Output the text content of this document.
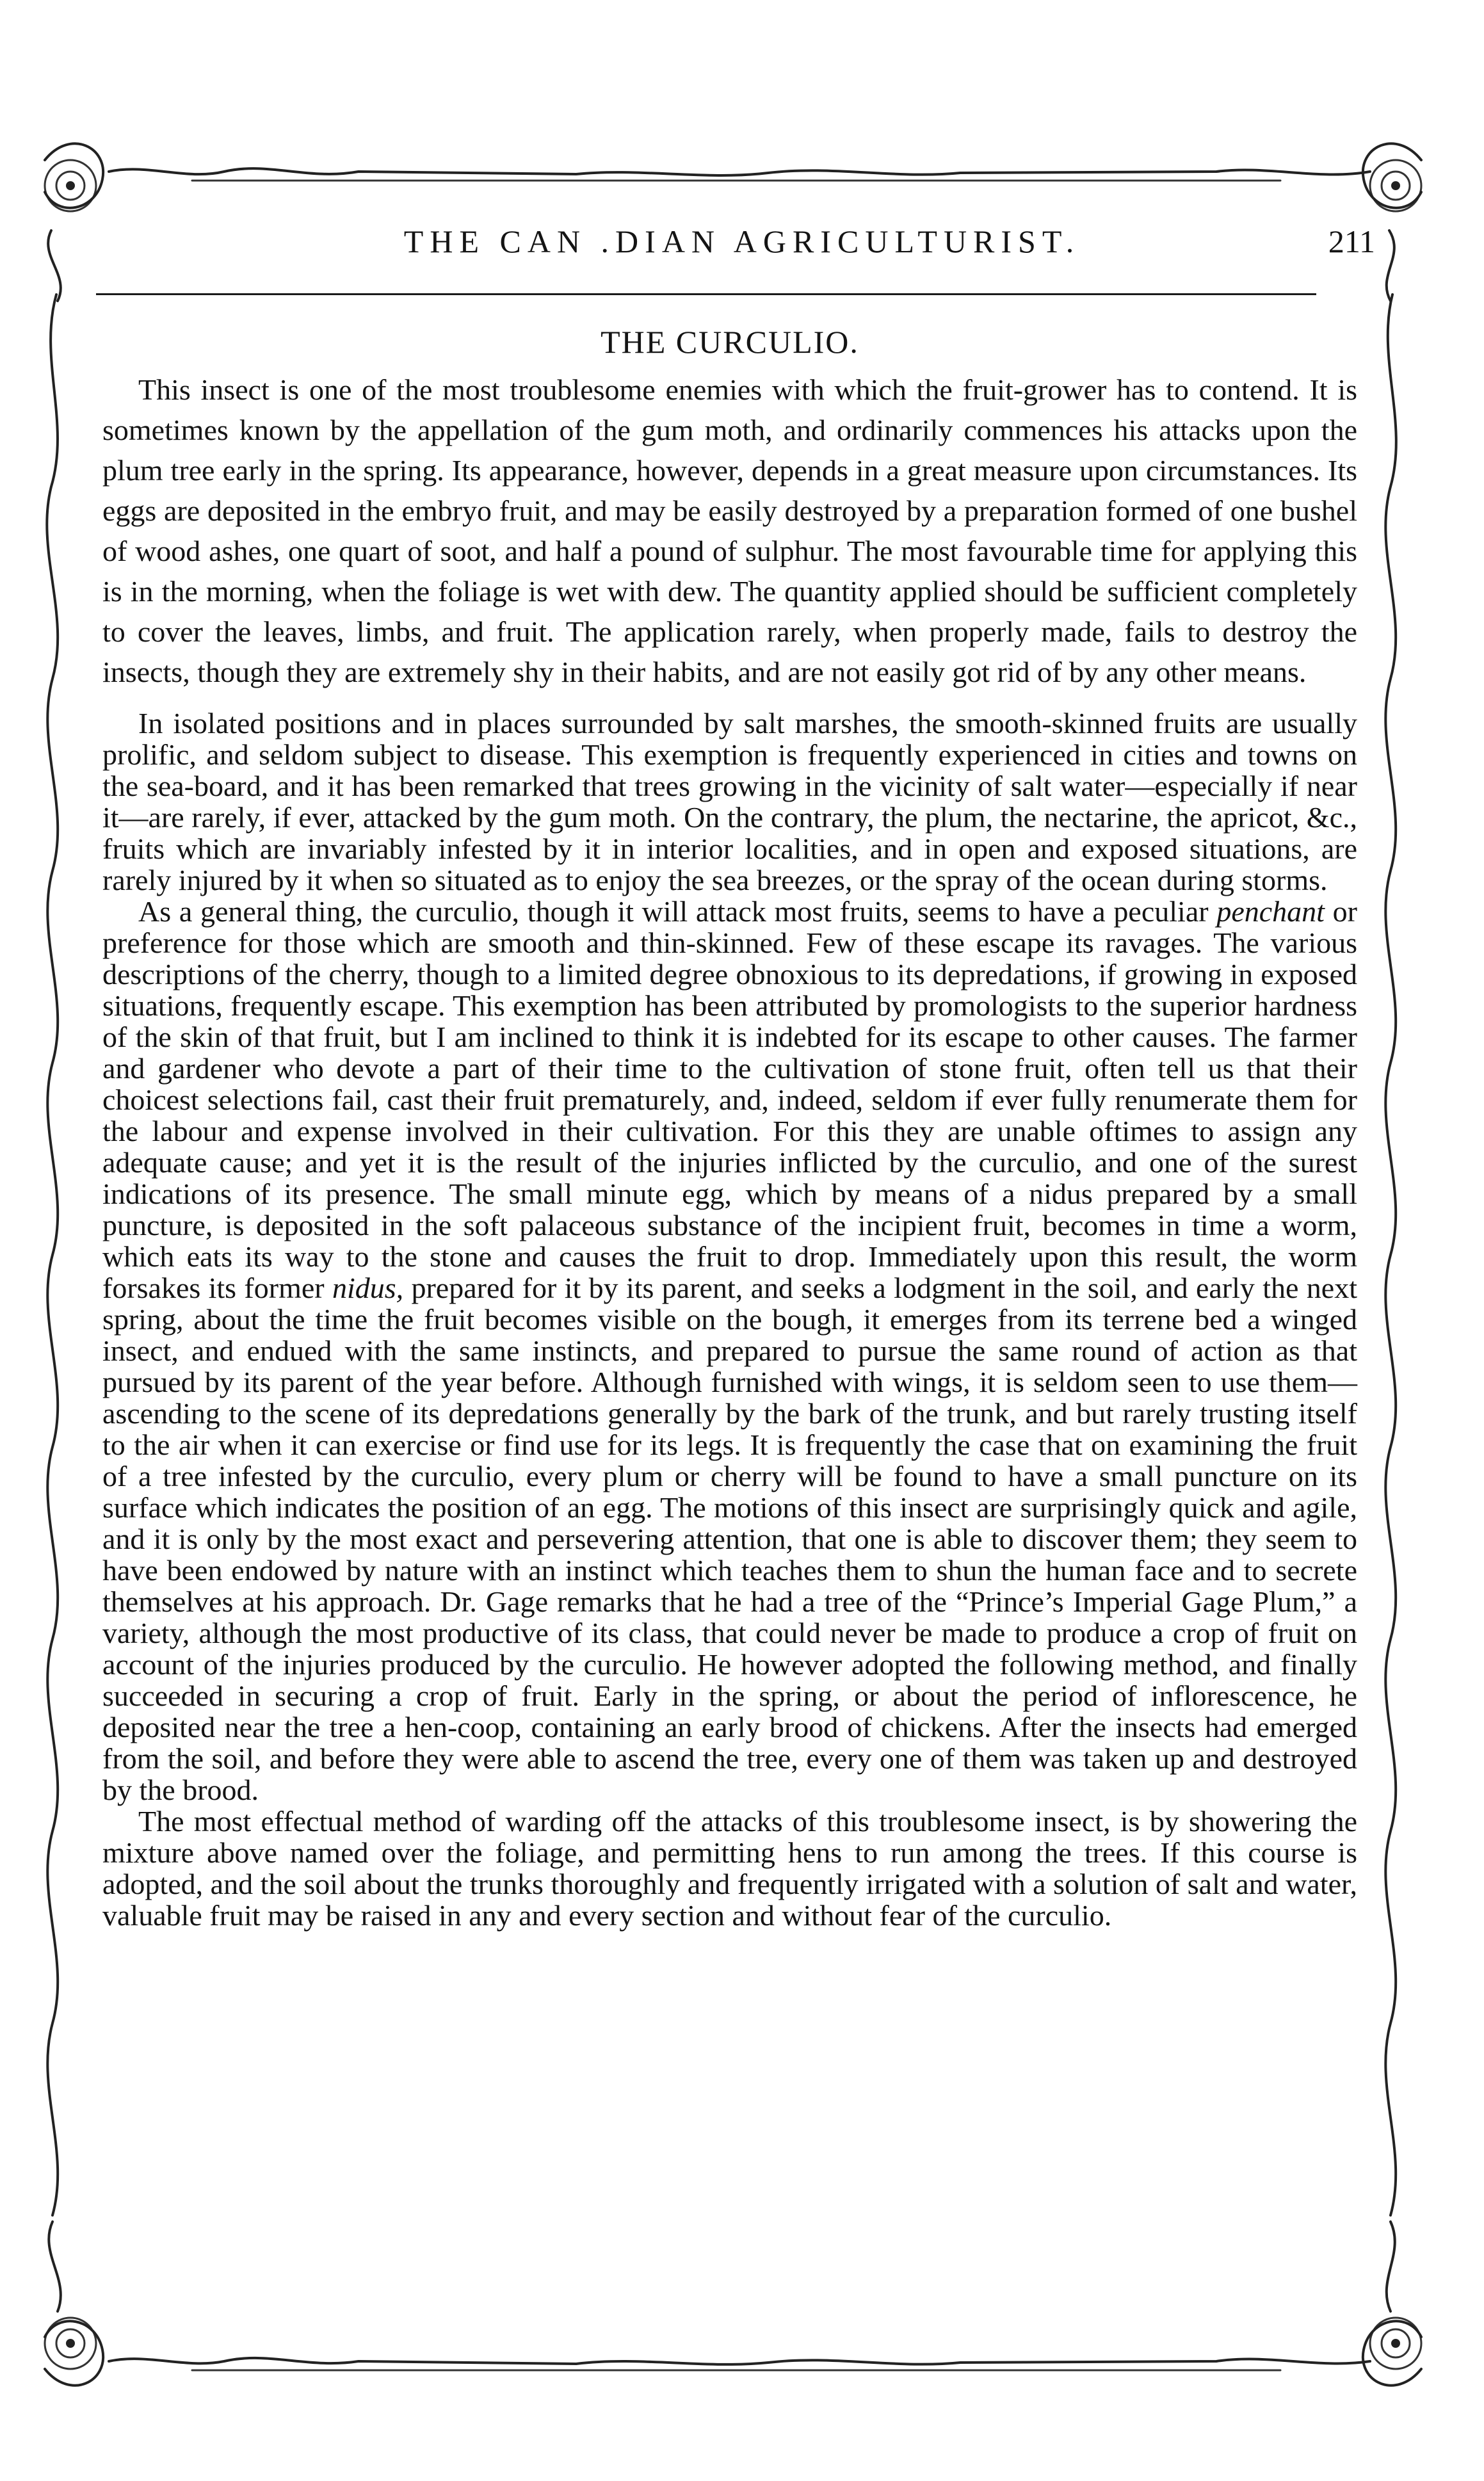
THE CAN .DIAN AGRICULTURIST.	211
THE CURCULIO.

This insect is one of the most troublesome enemies with which the fruit-grower has to contend. It is sometimes known by the appellation of the gum moth, and ordinarily commences his attacks upon the plum tree early in the spring. Its appearance, however, depends in a great measure upon circumstances. Its eggs are deposited in the embryo fruit, and may be easily destroyed by a preparation formed of one bushel of wood ashes, one quart of soot, and half a pound of sulphur. The most favourable time for applying this is in the morning, when the foliage is wet with dew. The quantity applied should be sufficient completely to cover the leaves, limbs, and fruit. The application rarely, when properly made, fails to destroy the insects, though they are extremely shy in their habits, and are not easily got rid of by any other means.

In isolated positions and in places surrounded by salt marshes, the smooth-skinned fruits are usually prolific, and seldom subject to disease. This exemption is frequently experienced in cities and towns on the sea-board, and it has been remarked that trees growing in the vicinity of salt water—especially if near it—are rarely, if ever, attacked by the gum moth. On the contrary, the plum, the nectarine, the apricot, &c., fruits which are invariably infested by it in interior localities, and in open and exposed situations, are rarely injured by it when so situated as to enjoy the sea breezes, or the spray of the ocean during storms.

As a general thing, the curculio, though it will attack most fruits, seems to have a peculiar penchant or preference for those which are smooth and thin-skinned. Few of these escape its ravages. The various descriptions of the cherry, though to a limited degree obnoxious to its depredations, if growing in exposed situations, frequently escape. This exemption has been attributed by promologists to the superior hardness of the skin of that fruit, but I am inclined to think it is indebted for its escape to other causes. The farmer and gardener who devote a part of their time to the cultivation of stone fruit, often tell us that their choicest selections fail, cast their fruit prematurely, and, indeed, seldom if ever fully renumerate them for the labour and expense involved in their cultivation. For this they are unable oftimes to assign any adequate cause; and yet it is the result of the injuries inflicted by the curculio, and one of the surest indications of its presence. The small minute egg, which by means of a nidus prepared by a small puncture, is deposited in the soft palaceous substance of the incipient fruit, becomes in time a worm, which eats its way to the stone and causes the fruit to drop. Immediately upon this result, the worm forsakes its former nidus, prepared for it by its parent, and seeks a lodgment in the soil, and early the next spring, about the time the fruit becomes visible on the bough, it emerges from its terrene bed a winged insect, and endued with the same instincts, and prepared to pursue the same round of action as that pursued by its parent of the year before. Although furnished with wings, it is seldom seen to use them—ascending to the scene of its depredations generally by the bark of the trunk, and but rarely trusting itself to the air when it can exercise or find use for its legs. It is frequently the case that on examining the fruit of a tree infested by the curculio, every plum or cherry will be found to have a small puncture on its surface which indicates the position of an egg. The motions of this insect are surprisingly quick and agile, and it is only by the most exact and persevering attention, that one is able to discover them; they seem to have been endowed by nature with an instinct which teaches them to shun the human face and to secrete themselves at his approach. Dr. Gage remarks that he had a tree of the “Prince’s Imperial Gage Plum,” a variety, although the most productive of its class, that could never be made to produce a crop of fruit on account of the injuries produced by the curculio. He however adopted the following method, and finally succeeded in securing a crop of fruit. Early in the spring, or about the period of inflorescence, he deposited near the tree a hen-coop, containing an early brood of chickens. After the insects had emerged from the soil, and before they were able to ascend the tree, every one of them was taken up and destroyed by the brood.

The most effectual method of warding off the attacks of this troublesome insect, is by showering the mixture above named over the foliage, and permitting hens to run among the trees. If this course is adopted, and the soil about the trunks thoroughly and frequently irrigated with a solution of salt and water, valuable fruit may be raised in any and every section and without fear of the curculio.
